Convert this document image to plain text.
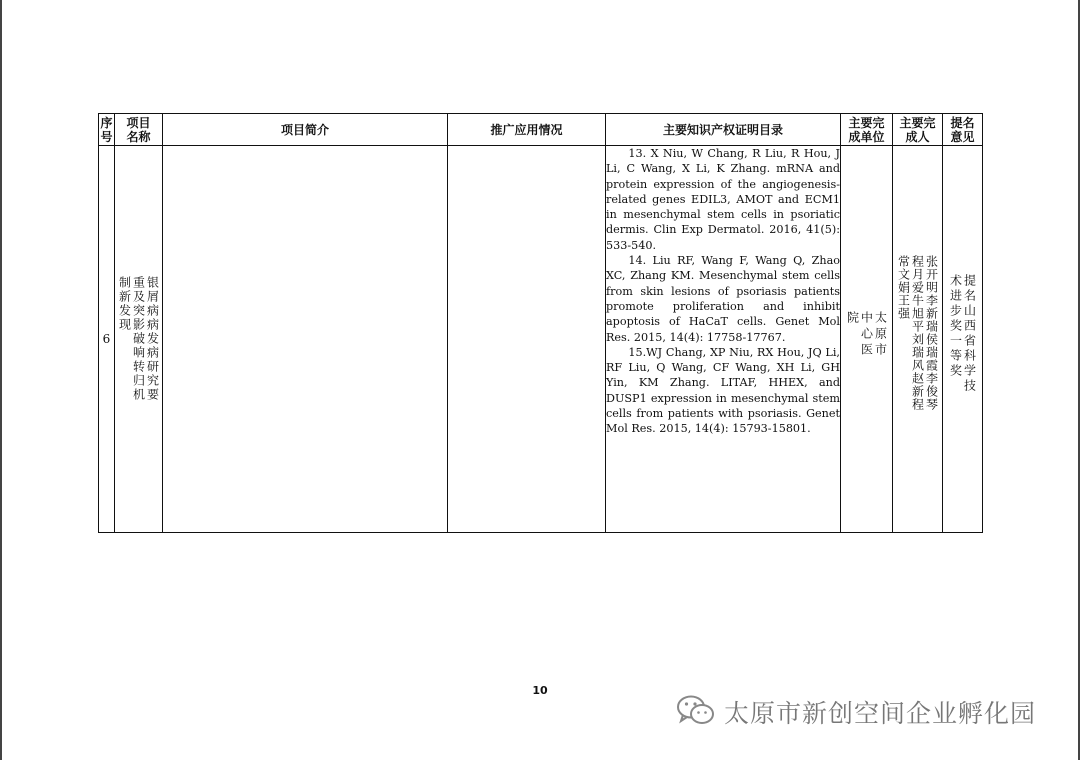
序号	项目名称	项目简介	推广应用情况	主要知识产权证明目录	主要完成单位	主要完成人	提名意见

6	银屑病病发病研究要重及突影破响转归机制新发现			13. X Niu, W Chang, R Liu, R Hou, J Li, C Wang, X Li, K Zhang. mRNA and protein expression of the angiogenesis-related genes EDIL3, AMOT and ECM1 in mesenchymal stem cells in psoriatic dermis. Clin Exp Dermatol. 2016, 41(5): 533-540.

14. Liu RF, Wang F, Wang Q, Zhao XC, Zhang KM. Mesenchymal stem cells from skin lesions of psoriasis patients promote proliferation and inhibit apoptosis of HaCaT cells. Genet Mol Res. 2015, 14(4): 17758-17767.

15.WJ Chang, XP Niu, RX Hou, JQ Li, RF Liu, Q Wang, CF Wang, XH Li, GH Yin, KM Zhang. LITAF, HHEX, and DUSP1 expression in mesenchymal stem cells from patients with psoriasis. Genet Mol Res. 2015, 14(4): 15793-15801.	太原市中心医院	张开明李新瑞侯瑞霞李俊琴程月爱牛旭平刘瑞风赵新程常文娟王强	提名山西省科学技术进步奖一等奖
10
太原市新创空间企业孵化园
